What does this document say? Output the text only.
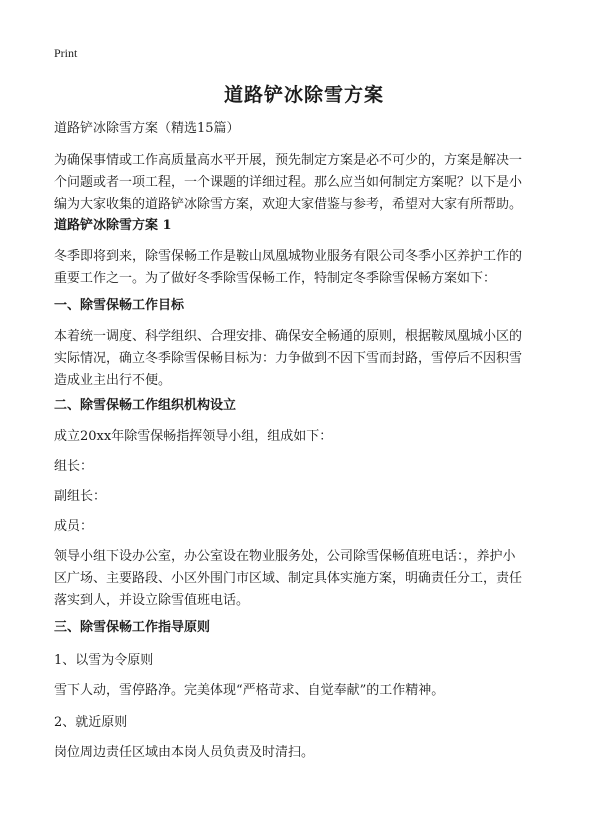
Print
道路铲冰除雪方案
道路铲冰除雪方案（精选15篇）
为确保事情或工作高质量高水平开展，预先制定方案是必不可少的，方案是解决一
个问题或者一项工程，一个课题的详细过程。那么应当如何制定方案呢？以下是小
编为大家收集的道路铲冰除雪方案，欢迎大家借鉴与参考，希望对大家有所帮助。
道路铲冰除雪方案 1
冬季即将到来，除雪保畅工作是鞍山凤凰城物业服务有限公司冬季小区养护工作的
重要工作之一。为了做好冬季除雪保畅工作，特制定冬季除雪保畅方案如下：
一、除雪保畅工作目标
本着统一调度、科学组织、合理安排、确保安全畅通的原则，根据鞍凤凰城小区的
实际情况，确立冬季除雪保畅目标为：力争做到不因下雪而封路，雪停后不因积雪
造成业主出行不便。
二、除雪保畅工作组织机构设立
成立20xx年除雪保畅指挥领导小组，组成如下：
组长：
副组长：
成员：
领导小组下设办公室，办公室设在物业服务处，公司除雪保畅值班电话：，养护小
区广场、主要路段、小区外围门市区域、制定具体实施方案，明确责任分工，责任
落实到人，并设立除雪值班电话。
三、除雪保畅工作指导原则
1、以雪为令原则
雪下人动，雪停路净。完美体现“严格苛求、自觉奉献”的工作精神。
2、就近原则
岗位周边责任区域由本岗人员负责及时清扫。
